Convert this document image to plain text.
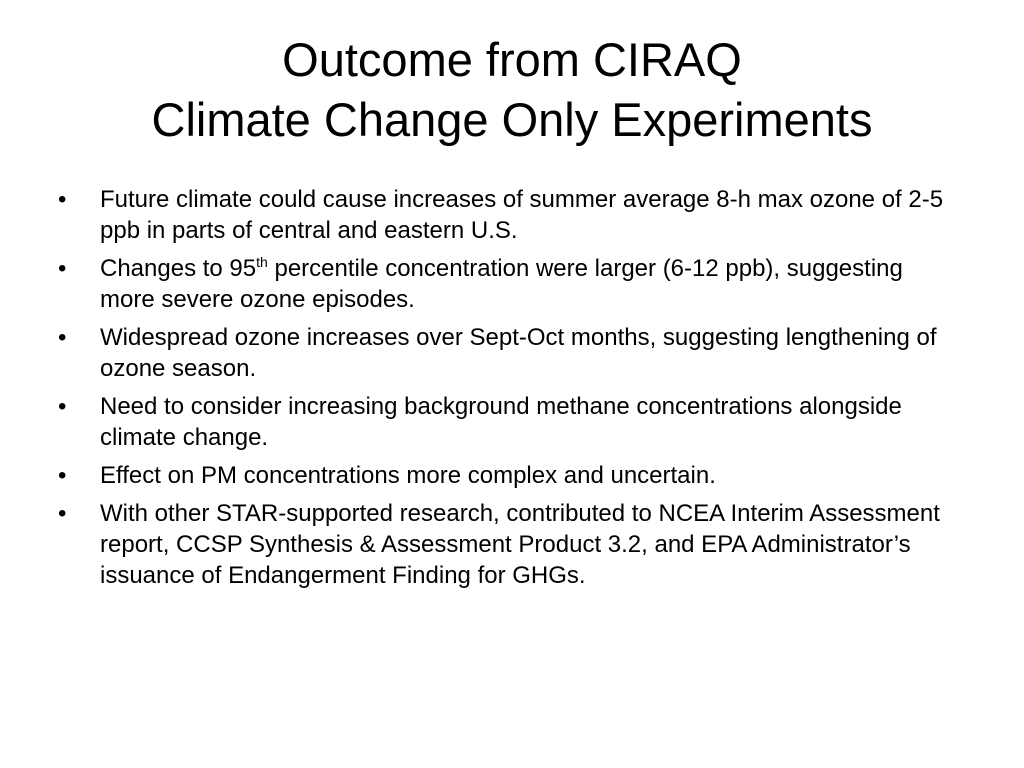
Outcome from CIRAQ
Climate Change Only Experiments
• Future climate could cause increases of summer average 8-h max ozone of 2-5 ppb in parts of central and eastern U.S.
• Changes to 95th percentile concentration were larger (6-12 ppb), suggesting more severe ozone episodes.
• Widespread ozone increases over Sept-Oct months, suggesting lengthening of ozone season.
• Need to consider increasing background methane concentrations alongside climate change.
• Effect on PM concentrations more complex and uncertain.
• With other STAR-supported research, contributed to NCEA Interim Assessment report, CCSP Synthesis & Assessment Product 3.2, and EPA Administrator’s issuance of Endangerment Finding for GHGs.
